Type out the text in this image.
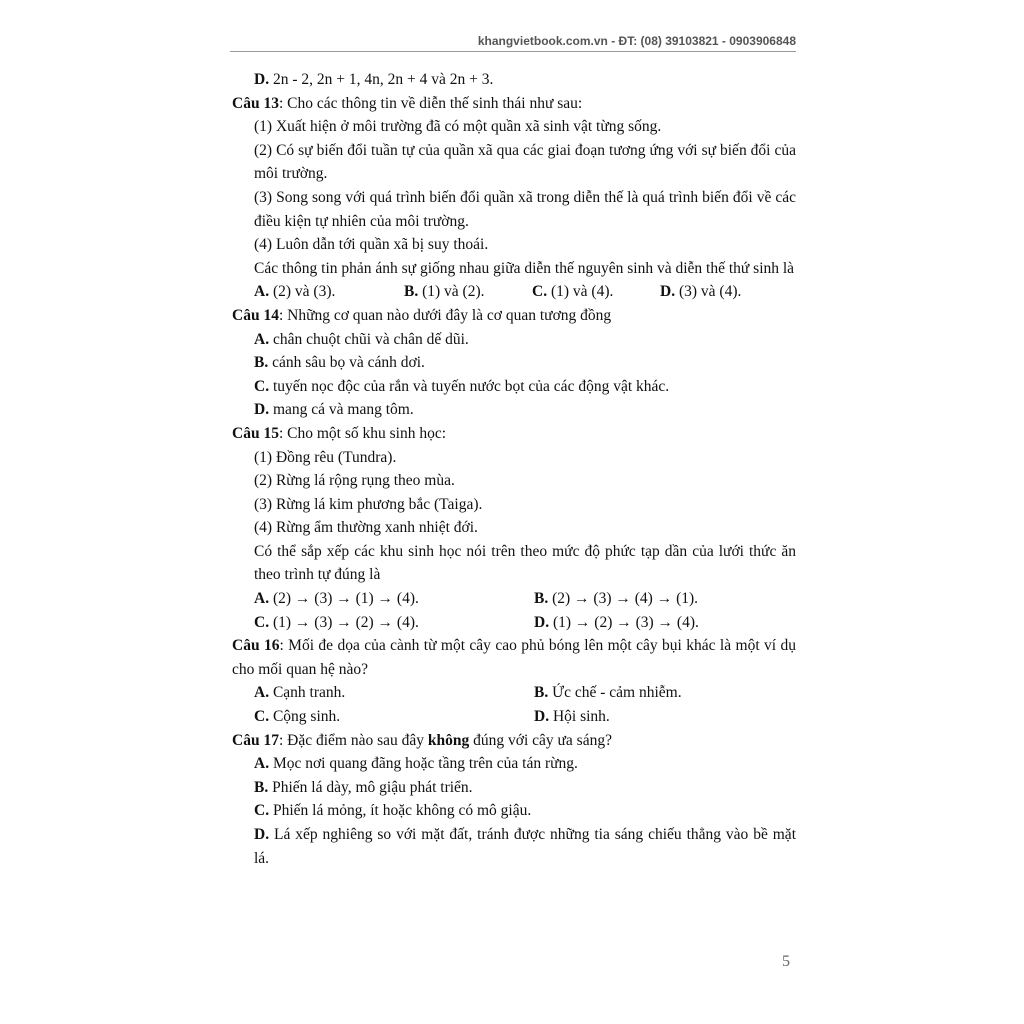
khangvietbook.com.vn - ĐT: (08) 39103821 - 0903906848
D. 2n - 2, 2n + 1, 4n, 2n + 4 và 2n + 3.
Câu 13: Cho các thông tin về diễn thế sinh thái như sau:
(1) Xuất hiện ở môi trường đã có một quần xã sinh vật từng sống.
(2) Có sự biến đổi tuần tự của quần xã qua các giai đoạn tương ứng với sự biến đổi của môi trường.
(3) Song song với quá trình biến đổi quần xã trong diễn thế là quá trình biến đổi về các điều kiện tự nhiên của môi trường.
(4) Luôn dẫn tới quần xã bị suy thoái.
Các thông tin phản ánh sự giống nhau giữa diễn thế nguyên sinh và diễn thế thứ sinh là
A. (2) và (3).	B. (1) và (2).	C. (1) và (4).	D. (3) và (4).
Câu 14: Những cơ quan nào dưới đây là cơ quan tương đồng
A. chân chuột chũi và chân dế dũi.
B. cánh sâu bọ và cánh dơi.
C. tuyến nọc độc của rắn và tuyến nước bọt của các động vật khác.
D. mang cá và mang tôm.
Câu 15: Cho một số khu sinh học:
(1) Đồng rêu (Tundra).
(2) Rừng lá rộng rụng theo mùa.
(3) Rừng lá kim phương bắc (Taiga).
(4) Rừng ẩm thường xanh nhiệt đới.
Có thể sắp xếp các khu sinh học nói trên theo mức độ phức tạp dần của lưới thức ăn theo trình tự đúng là
A. (2) → (3) → (1) → (4).	B. (2) → (3) → (4) → (1).
C. (1) → (3) → (2) → (4).	D. (1) → (2) → (3) → (4).
Câu 16: Mối đe dọa của cành từ một cây cao phủ bóng lên một cây bụi khác là một ví dụ cho mối quan hệ nào?
A. Cạnh tranh.	B. Ức chế - cảm nhiễm.
C. Cộng sinh.	D. Hội sinh.
Câu 17: Đặc điểm nào sau đây không đúng với cây ưa sáng?
A. Mọc nơi quang đãng hoặc tầng trên của tán rừng.
B. Phiến lá dày, mô giậu phát triển.
C. Phiến lá mỏng, ít hoặc không có mô giậu.
D. Lá xếp nghiêng so với mặt đất, tránh được những tia sáng chiếu thẳng vào bề mặt lá.
5
